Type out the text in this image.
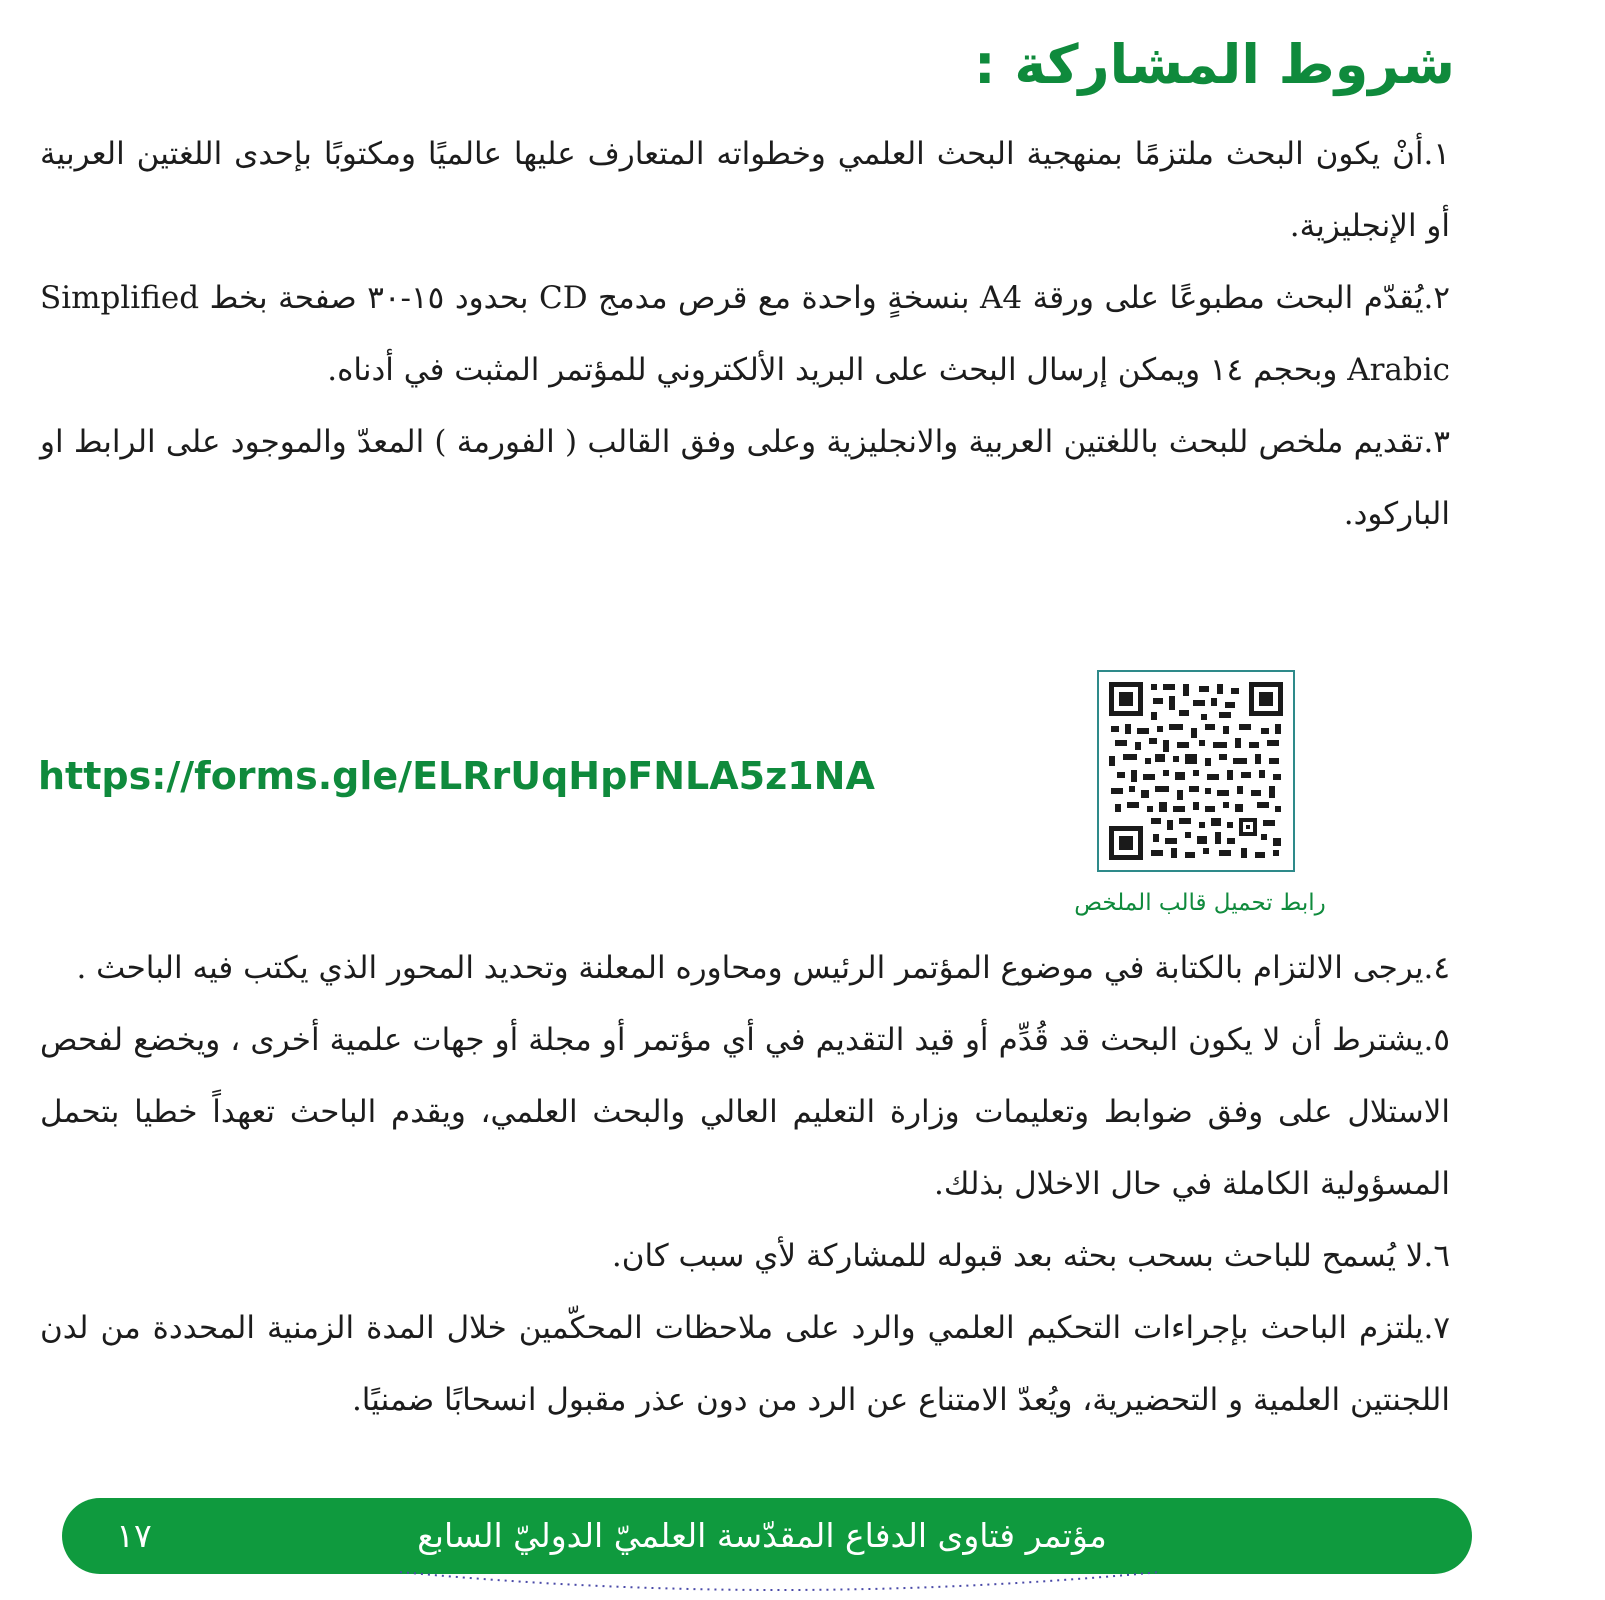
شروط المشاركة :

١.أنْ يكون البحث ملتزمًا بمنهجية البحث العلمي وخطواته المتعارف عليها عالميًا ومكتوبًا بإحدى اللغتين العربية أو الإنجليزية.

٢.يُقدّم البحث مطبوعًا على ورقة A4 بنسخةٍ واحدة مع قرص مدمج CD بحدود ١٥-٣٠ صفحة بخط Simplified Arabic وبحجم ١٤ ويمكن إرسال البحث على البريد الألكتروني للمؤتمر المثبت في أدناه.

٣.تقديم ملخص للبحث باللغتين العربية والانجليزية وعلى وفق القالب ( الفورمة ) المعدّ والموجود على الرابط او الباركود.

https://forms.gle/ELRrUqHpFNLA5z1NA

رابط تحميل قالب الملخص

٤.يرجى الالتزام بالكتابة في موضوع المؤتمر الرئيس ومحاوره المعلنة وتحديد المحور الذي يكتب فيه الباحث .

٥.يشترط أن لا يكون البحث قد قُدِّم أو قيد التقديم في أي مؤتمر أو مجلة أو جهات علمية أخرى ، ويخضع لفحص الاستلال على وفق ضوابط وتعليمات وزارة التعليم العالي والبحث العلمي، ويقدم الباحث تعهداً خطيا بتحمل المسؤولية الكاملة في حال الاخلال بذلك.

٦.لا يُسمح للباحث بسحب بحثه بعد قبوله للمشاركة لأي سبب كان.

٧.يلتزم الباحث بإجراءات التحكيم العلمي والرد على ملاحظات المحكّمين خلال المدة الزمنية المحددة من لدن اللجنتين العلمية و التحضيرية، ويُعدّ الامتناع عن الرد من دون عذر مقبول انسحابًا ضمنيًا.

١٧	مؤتمر فتاوى الدفاع المقدّسة العلميّ الدوليّ السابع
